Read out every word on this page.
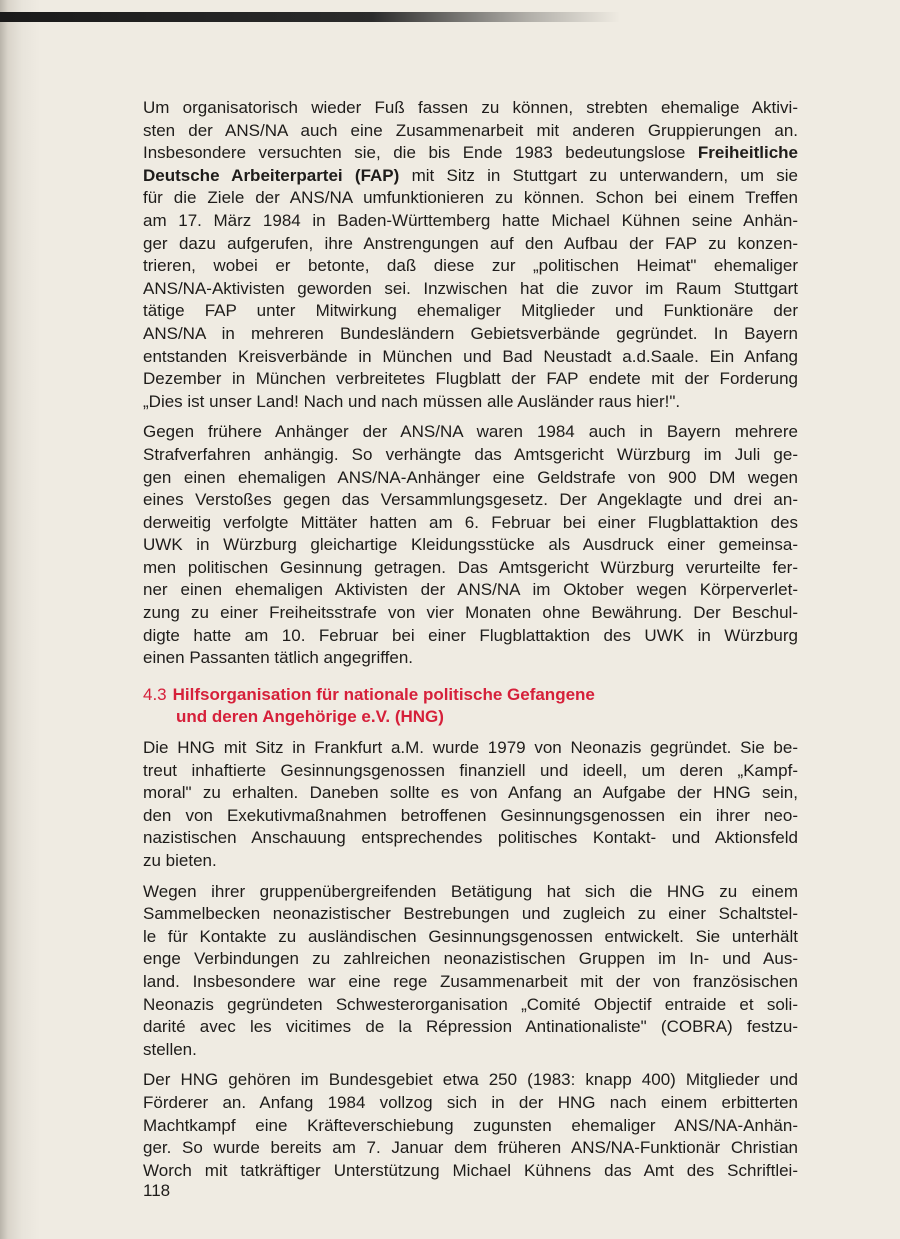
Um organisatorisch wieder Fuß fassen zu können, strebten ehemalige Aktivi-
sten der ANS/NA auch eine Zusammenarbeit mit anderen Gruppierungen an.
Insbesondere versuchten sie, die bis Ende 1983 bedeutungslose Freiheitliche
Deutsche Arbeiterpartei (FAP) mit Sitz in Stuttgart zu unterwandern, um sie
für die Ziele der ANS/NA umfunktionieren zu können. Schon bei einem Treffen
am 17. März 1984 in Baden-Württemberg hatte Michael Kühnen seine Anhän-
ger dazu aufgerufen, ihre Anstrengungen auf den Aufbau der FAP zu konzen-
trieren, wobei er betonte, daß diese zur „politischen Heimat" ehemaliger
ANS/NA-Aktivisten geworden sei. Inzwischen hat die zuvor im Raum Stuttgart
tätige FAP unter Mitwirkung ehemaliger Mitglieder und Funktionäre der
ANS/NA in mehreren Bundesländern Gebietsverbände gegründet. In Bayern
entstanden Kreisverbände in München und Bad Neustadt a.d.Saale. Ein Anfang
Dezember in München verbreitetes Flugblatt der FAP endete mit der Forderung
„Dies ist unser Land! Nach und nach müssen alle Ausländer raus hier!".

Gegen frühere Anhänger der ANS/NA waren 1984 auch in Bayern mehrere
Strafverfahren anhängig. So verhängte das Amtsgericht Würzburg im Juli ge-
gen einen ehemaligen ANS/NA-Anhänger eine Geldstrafe von 900 DM wegen
eines Verstoßes gegen das Versammlungsgesetz. Der Angeklagte und drei an-
derweitig verfolgte Mittäter hatten am 6. Februar bei einer Flugblattaktion des
UWK in Würzburg gleichartige Kleidungsstücke als Ausdruck einer gemeinsa-
men politischen Gesinnung getragen. Das Amtsgericht Würzburg verurteilte fer-
ner einen ehemaligen Aktivisten der ANS/NA im Oktober wegen Körperverlet-
zung zu einer Freiheitsstrafe von vier Monaten ohne Bewährung. Der Beschul-
digte hatte am 10. Februar bei einer Flugblattaktion des UWK in Würzburg
einen Passanten tätlich angegriffen.

4.3 Hilfsorganisation für nationale politische Gefangene
und deren Angehörige e.V. (HNG)

Die HNG mit Sitz in Frankfurt a.M. wurde 1979 von Neonazis gegründet. Sie be-
treut inhaftierte Gesinnungsgenossen finanziell und ideell, um deren „Kampf-
moral" zu erhalten. Daneben sollte es von Anfang an Aufgabe der HNG sein,
den von Exekutivmaßnahmen betroffenen Gesinnungsgenossen ein ihrer neo-
nazistischen Anschauung entsprechendes politisches Kontakt- und Aktionsfeld
zu bieten.

Wegen ihrer gruppenübergreifenden Betätigung hat sich die HNG zu einem
Sammelbecken neonazistischer Bestrebungen und zugleich zu einer Schaltstel-
le für Kontakte zu ausländischen Gesinnungsgenossen entwickelt. Sie unterhält
enge Verbindungen zu zahlreichen neonazistischen Gruppen im In- und Aus-
land. Insbesondere war eine rege Zusammenarbeit mit der von französischen
Neonazis gegründeten Schwesterorganisation „Comité Objectif entraide et soli-
darité avec les vicitimes de la Répression Antinationaliste" (COBRA) festzu-
stellen.

Der HNG gehören im Bundesgebiet etwa 250 (1983: knapp 400) Mitglieder und
Förderer an. Anfang 1984 vollzog sich in der HNG nach einem erbitterten
Machtkampf eine Kräfteverschiebung zugunsten ehemaliger ANS/NA-Anhän-
ger. So wurde bereits am 7. Januar dem früheren ANS/NA-Funktionär Christian
Worch mit tatkräftiger Unterstützung Michael Kühnens das Amt des Schriftlei-

118
